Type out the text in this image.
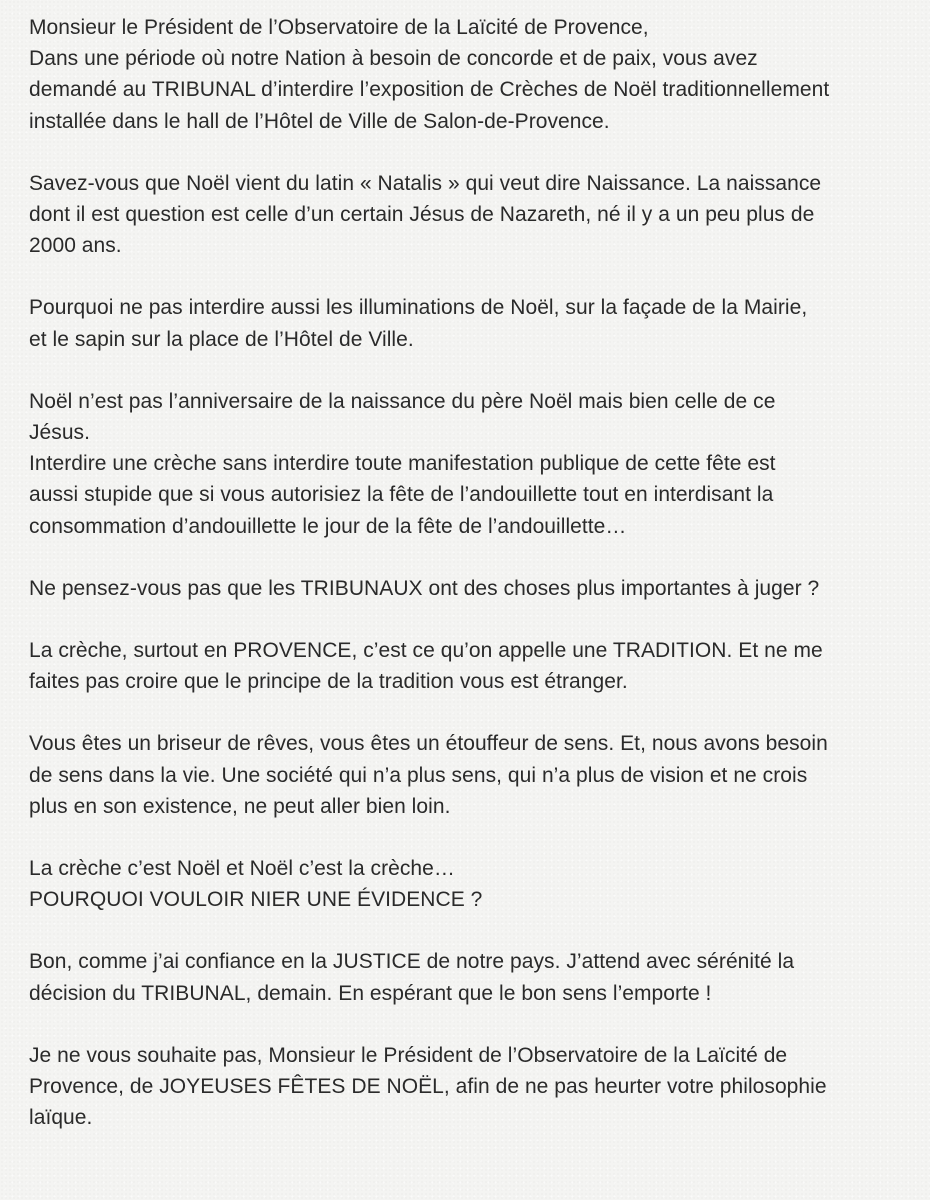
Monsieur le Président de l’Observatoire de la Laïcité de Provence,
Dans une période où notre Nation à besoin de concorde et de paix, vous avez
demandé au TRIBUNAL d’interdire l’exposition de Crèches de Noël traditionnellement
installée dans le hall de l’Hôtel de Ville de Salon-de-Provence.
Savez-vous que Noël vient du latin « Natalis » qui veut dire Naissance. La naissance
dont il est question est celle d’un certain Jésus de Nazareth, né il y a un peu plus de
2000 ans.
Pourquoi ne pas interdire aussi les illuminations de Noël, sur la façade de la Mairie,
et le sapin sur la place de l’Hôtel de Ville.
Noël n’est pas l’anniversaire de la naissance du père Noël mais bien celle de ce
Jésus.
Interdire une crèche sans interdire toute manifestation publique de cette fête est
aussi stupide que si vous autorisiez la fête de l’andouillette tout en interdisant la
consommation d’andouillette le jour de la fête de l’andouillette…
Ne pensez-vous pas que les TRIBUNAUX ont des choses plus importantes à juger ?
La crèche, surtout en PROVENCE, c’est ce qu’on appelle une TRADITION. Et ne me
faites pas croire que le principe de la tradition vous est étranger.
Vous êtes un briseur de rêves, vous êtes un étouffeur de sens. Et, nous avons besoin
de sens dans la vie. Une société qui n’a plus sens, qui n’a plus de vision et ne crois
plus en son existence, ne peut aller bien loin.
La crèche c’est Noël et Noël c’est la crèche…
POURQUOI VOULOIR NIER UNE ÉVIDENCE ?
Bon, comme j’ai confiance en la JUSTICE de notre pays. J’attend avec sérénité la
décision du TRIBUNAL, demain. En espérant que le bon sens l’emporte !
Je ne vous souhaite pas, Monsieur le Président de l’Observatoire de la Laïcité de
Provence, de JOYEUSES FÊTES DE NOËL, afin de ne pas heurter votre philosophie
laïque.
